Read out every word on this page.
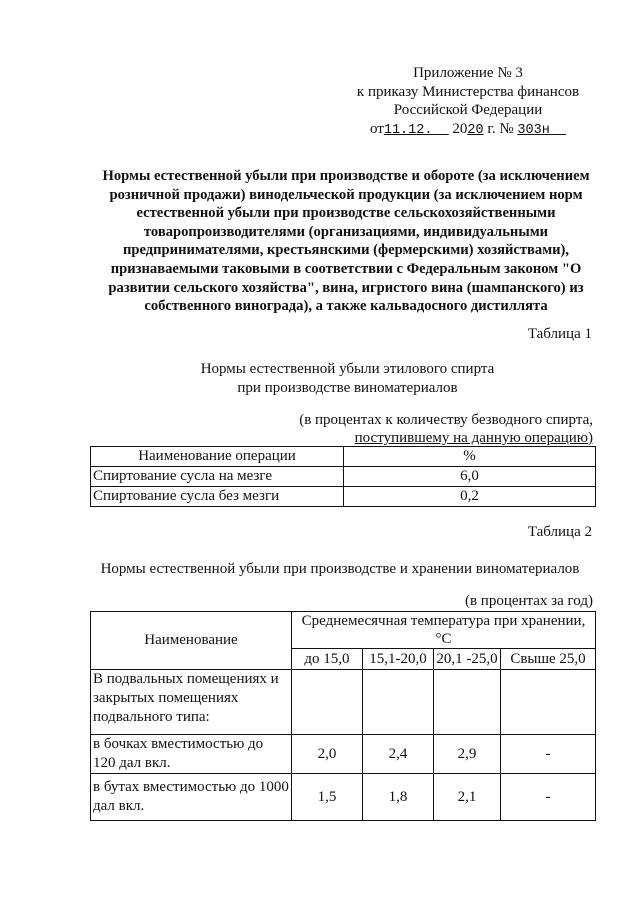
Приложение № 3
к приказу Министерства финансов
Российской Федерации
от11.12. 2020 г. № 303н
Нормы естественной убыли при производстве и обороте (за исключением розничной продажи) винодельческой продукции (за исключением норм естественной убыли при производстве сельскохозяйственными товаропроизводителями (организациями, индивидуальными предпринимателями, крестьянскими (фермерскими) хозяйствами), признаваемыми таковыми в соответствии с Федеральным законом "О развитии сельского хозяйства", вина, игристого вина (шампанского) из собственного винограда), а также кальвадосного дистиллята
Таблица 1
Нормы естественной убыли этилового спирта
при производстве виноматериалов
(в процентах к количеству безводного спирта,
поступившему на данную операцию)
Наименование операции	%
Спиртование сусла на мезге	6,0
Спиртование сусла без мезги	0,2
Таблица 2
Нормы естественной убыли при производстве и хранении виноматериалов
(в процентах за год)
Наименование	Среднемесячная температура при хранении, °С			
	до 15,0	15,1-20,0	20,1 -25,0	Свыше 25,0
В подвальных помещениях и закрытых помещениях подвального типа:				
в бочках вместимостью до 120 дал вкл.	2,0	2,4	2,9	-
в бутах вместимостью до 1000 дал вкл.	1,5	1,8	2,1	-
